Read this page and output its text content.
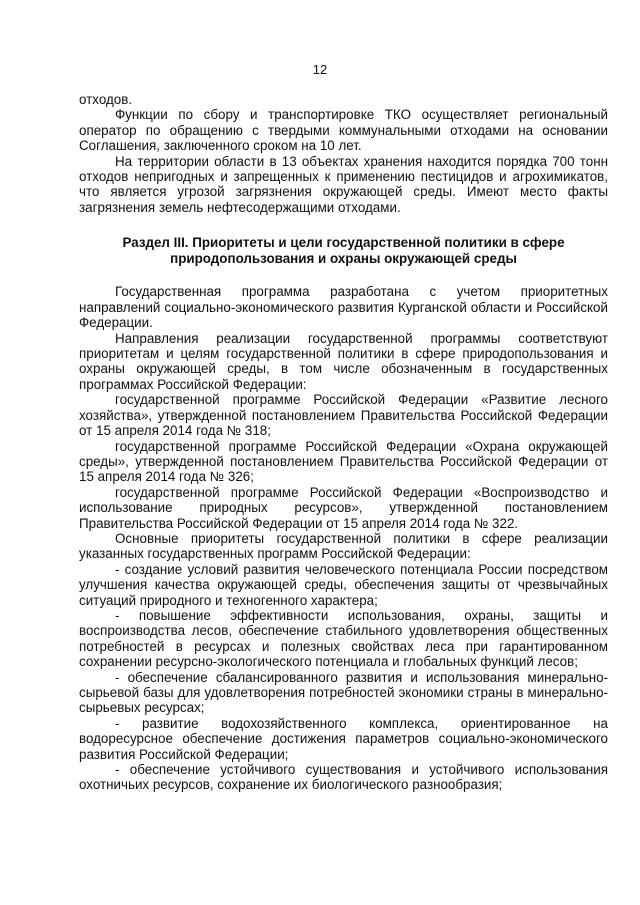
12

отходов.

Функции по сбору и транспортировке ТКО осуществляет региональный оператор по обращению с твердыми коммунальными отходами на основании Соглашения, заключенного сроком на 10 лет.

На территории области в 13 объектах хранения находится порядка 700 тонн отходов непригодных и запрещенных к применению пестицидов и агрохимикатов, что является угрозой загрязнения окружающей среды. Имеют место факты загрязнения земель нефтесодержащими отходами.

Раздел III. Приоритеты и цели государственной политики в сфере
природопользования и охраны окружающей среды

Государственная программа разработана с учетом приоритетных направлений социально-экономического развития Курганской области и Российской Федерации.

Направления реализации государственной программы соответствуют приоритетам и целям государственной политики в сфере природопользования и охраны окружающей среды, в том числе обозначенным в государственных программах Российской Федерации:

государственной программе Российской Федерации «Развитие лесного хозяйства», утвержденной постановлением Правительства Российской Федерации от 15 апреля 2014 года № 318;

государственной программе Российской Федерации «Охрана окружающей среды», утвержденной постановлением Правительства Российской Федерации от 15 апреля 2014 года № 326;

государственной программе Российской Федерации «Воспроизводство и использование природных ресурсов», утвержденной постановлением Правительства Российской Федерации от 15 апреля 2014 года № 322.

Основные приоритеты государственной политики в сфере реализации указанных государственных программ Российской Федерации:

- создание условий развития человеческого потенциала России посредством улучшения качества окружающей среды, обеспечения защиты от чрезвычайных ситуаций природного и техногенного характера;

- повышение эффективности использования, охраны, защиты и воспроизводства лесов, обеспечение стабильного удовлетворения общественных потребностей в ресурсах и полезных свойствах леса при гарантированном сохранении ресурсно-экологического потенциала и глобальных функций лесов;

- обеспечение сбалансированного развития и использования минерально-сырьевой базы для удовлетворения потребностей экономики страны в минерально-сырьевых ресурсах;

- развитие водохозяйственного комплекса, ориентированное на водоресурсное обеспечение достижения параметров социально-экономического развития Российской Федерации;

- обеспечение устойчивого существования и устойчивого использования охотничьих ресурсов, сохранение их биологического разнообразия;
